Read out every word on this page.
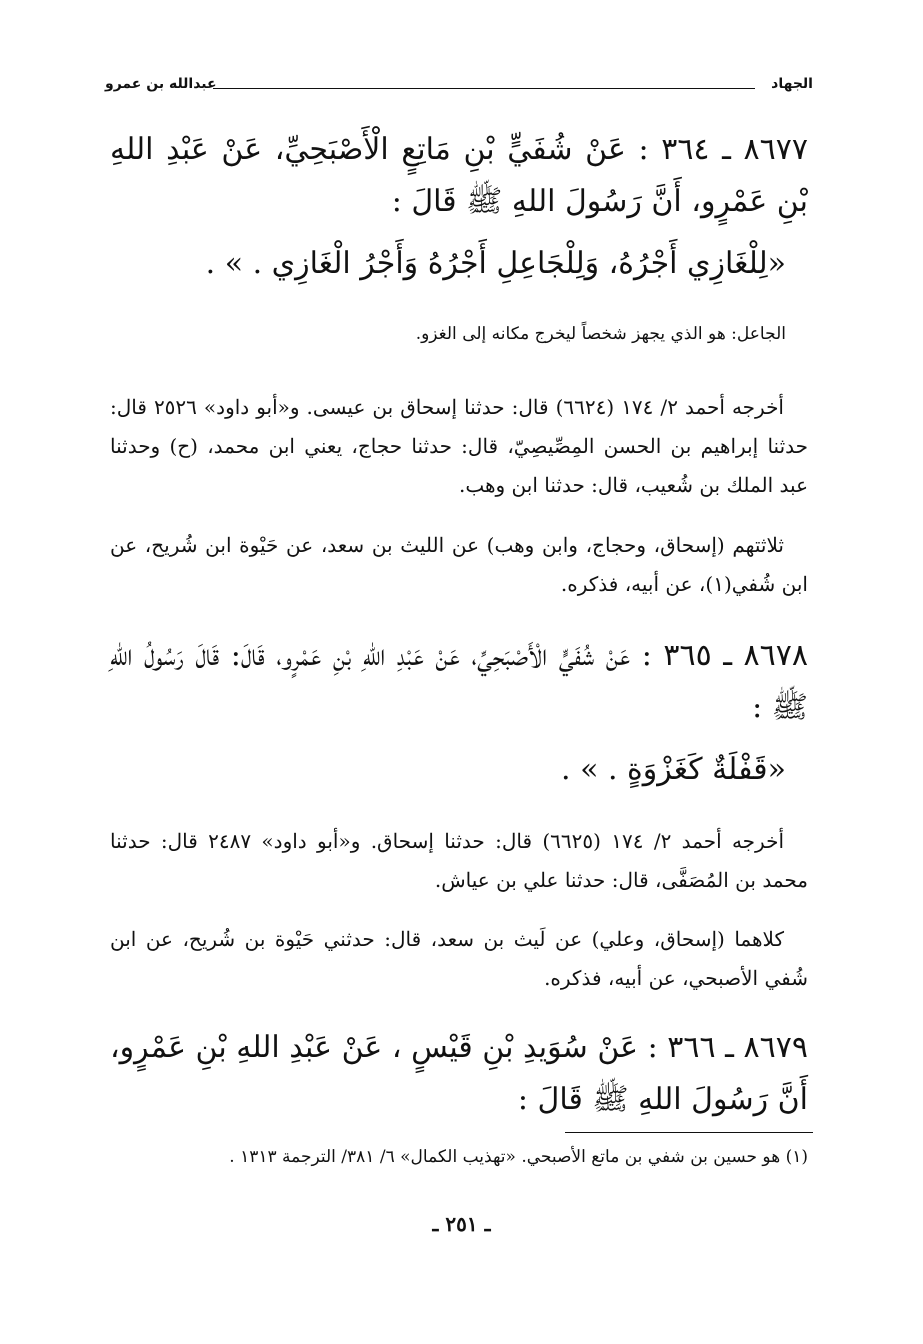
الجهاد
عبدالله بن عمرو
٨٦٧٧ ـ ٣٦٤ : عَنْ شُفَيٍّ بْنِ مَاتِعٍ الْأَصْبَحِيِّ، عَنْ عَبْدِ اللهِ بْنِ عَمْرٍو، أَنَّ رَسُولَ اللهِ ﷺ قَالَ :
«لِلْغَازِي أَجْرُهُ، وَلِلْجَاعِلِ أَجْرُهُ وَأَجْرُ الْغَازِي . » .
الجاعل: هو الذي يجهز شخصاً ليخرج مكانه إلى الغزو.
أخرجه أحمد ٢/ ١٧٤ (٦٦٢٤) قال: حدثنا إسحاق بن عيسى. و«أبو داود» ٢٥٢٦ قال: حدثنا إبراهيم بن الحسن المِصِّيصِيّ، قال: حدثنا حجاج، يعني ابن محمد، (ح) وحدثنا عبد الملك بن شُعيب، قال: حدثنا ابن وهب.
ثلاثتهم (إسحاق، وحجاج، وابن وهب) عن الليث بن سعد، عن حَيْوة ابن شُريح، عن ابن شُفي(١)، عن أبيه، فذكره.
٨٦٧٨ ـ ٣٦٥ : عَنْ شُفَيٍّ الْأَصْبَحِيِّ، عَنْ عَبْدِ اللهِ بْنِ عَمْرٍو، قَالَ: قَالَ رَسُولُ اللهِ ﷺ :
«قَفْلَةٌ كَغَزْوَةٍ . » .
أخرجه أحمد ٢/ ١٧٤ (٦٦٢٥) قال: حدثنا إسحاق. و«أبو داود» ٢٤٨٧ قال: حدثنا محمد بن المُصَفَّى، قال: حدثنا علي بن عياش.
كلاهما (إسحاق، وعلي) عن لَيث بن سعد، قال: حدثني حَيْوة بن شُريح، عن ابن شُفي الأصبحي، عن أبيه، فذكره.
٨٦٧٩ ـ ٣٦٦ : عَنْ سُوَيدِ بْنِ قَيْسٍ ، عَنْ عَبْدِ اللهِ بْنِ عَمْرٍو، أَنَّ رَسُولَ اللهِ ﷺ قَالَ :
(١) هو حسين بن شفي بن ماتع الأصبحي. «تهذيب الكمال» ٦/ ٣٨١/ الترجمة ١٣١٣ .
ـ ٢٥١ ـ
